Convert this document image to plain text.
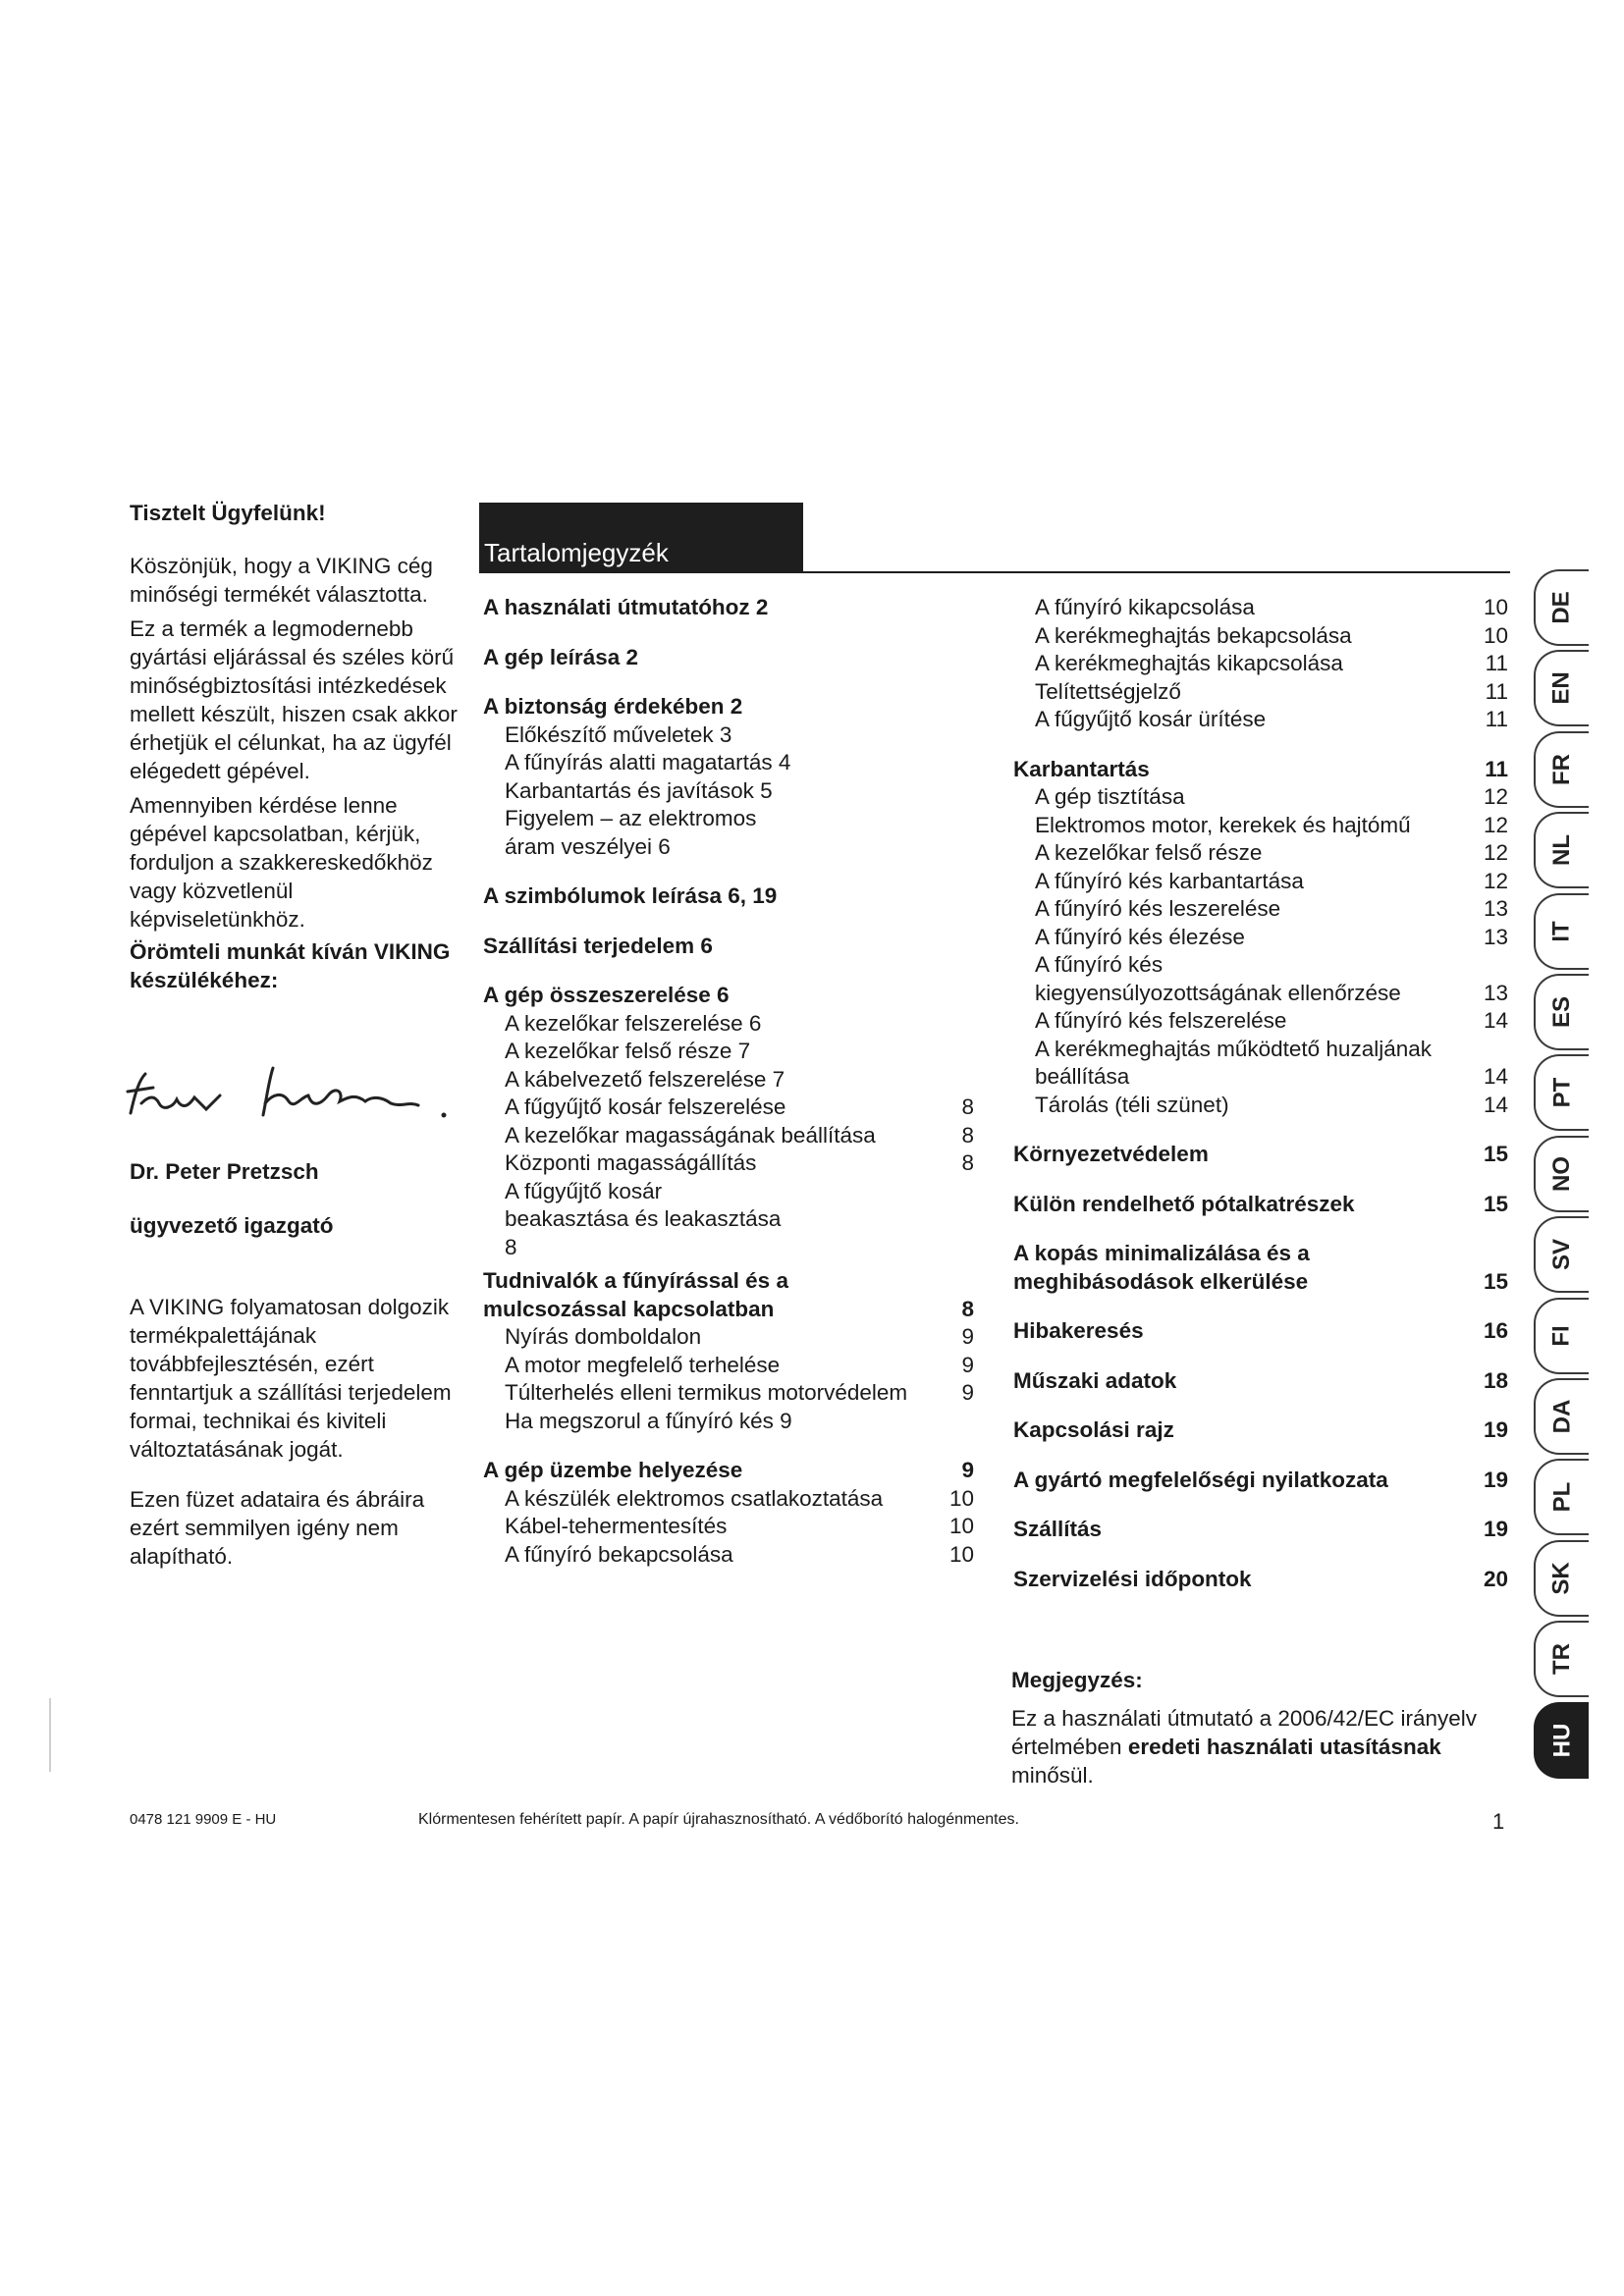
Tisztelt Ügyfelünk!

Köszönjük, hogy a VIKING cég minőségi termékét választotta.

Ez a termék a legmodernebb gyártási eljárással és széles körű minőségbiztosítási intézkedések mellett készült, hiszen csak akkor érhetjük el célunkat, ha az ügyfél elégedett gépével.

Amennyiben kérdése lenne gépével kapcsolatban, kérjük, forduljon a szakkereskedőkhöz vagy közvetlenül képviseletünkhöz.

Örömteli munkát kíván VIKING készülékéhez:

Dr. Peter Pretzsch
ügyvezető igazgató

A VIKING folyamatosan dolgozik termékpalettájának továbbfejlesztésén, ezért fenntartjuk a szállítási terjedelem formai, technikai és kiviteli változtatásának jogát.

Ezen füzet adataira és ábráira ezért semmilyen igény nem alapítható.

Tartalomjegyzék
A használati útmutatóhoz 2
A gép leírása 2
A biztonság érdekében 2
Előkészítő műveletek 3
A fűnyírás alatti magatartás 4
Karbantartás és javítások 5
Figyelem – az elektromos áram veszélyei 6
A szimbólumok leírása 6, 19
Szállítási terjedelem 6
A gép összeszerelése 6
A kezelőkar felszerelése 6
A kezelőkar felső része 7
A kábelvezető felszerelése 7
A fűgyűjtő kosár felszerelése	8
A kezelőkar magasságának beállítása	8
Központi magasságállítás	8
A fűgyűjtő kosár beakasztása és leakasztása 8
Tudnivalók a fűnyírással és a mulcsozással kapcsolatban	8
Nyírás domboldalon	9
A motor megfelelő terhelése	9
Túlterhelés elleni termikus motorvédelem	9
Ha megszorul a fűnyíró kés 9
A gép üzembe helyezése	9
A készülék elektromos csatlakoztatása	10
Kábel-tehermentesítés	10
A fűnyíró bekapcsolása	10
A fűnyíró kikapcsolása	10
A kerékmeghajtás bekapcsolása	10
A kerékmeghajtás kikapcsolása	11
Telítettségjelző	11
A fűgyűjtő kosár ürítése	11
Karbantartás	11
A gép tisztítása	12
Elektromos motor, kerekek és hajtómű	12
A kezelőkar felső része	12
A fűnyíró kés karbantartása	12
A fűnyíró kés leszerelése	13
A fűnyíró kés élezése	13
A fűnyíró kés kiegyensúlyozottságának ellenőrzése	13
A fűnyíró kés felszerelése	14
A kerékmeghajtás működtető huzaljának beállítása	14
Tárolás (téli szünet)	14
Környezetvédelem	15
Külön rendelhető pótalkatrészek	15
A kopás minimalizálása és a meghibásodások elkerülése	15
Hibakeresés	16
Műszaki adatok	18
Kapcsolási rajz	19
A gyártó megfelelőségi nyilatkozata	19
Szállítás	19
Szervizelési időpontok	20
Megjegyzés:

Ez a használati útmutató a 2006/42/EC irányelv értelmében eredeti használati utasításnak minősül.

DE
EN
FR
NL
IT
ES
PT
NO
SV
FI
DA
PL
SK
TR
HU
0478 121 9909 E - HU	Klórmentesen fehérített papír. A papír újrahasznosítható. A védőborító halogénmentes.	1
